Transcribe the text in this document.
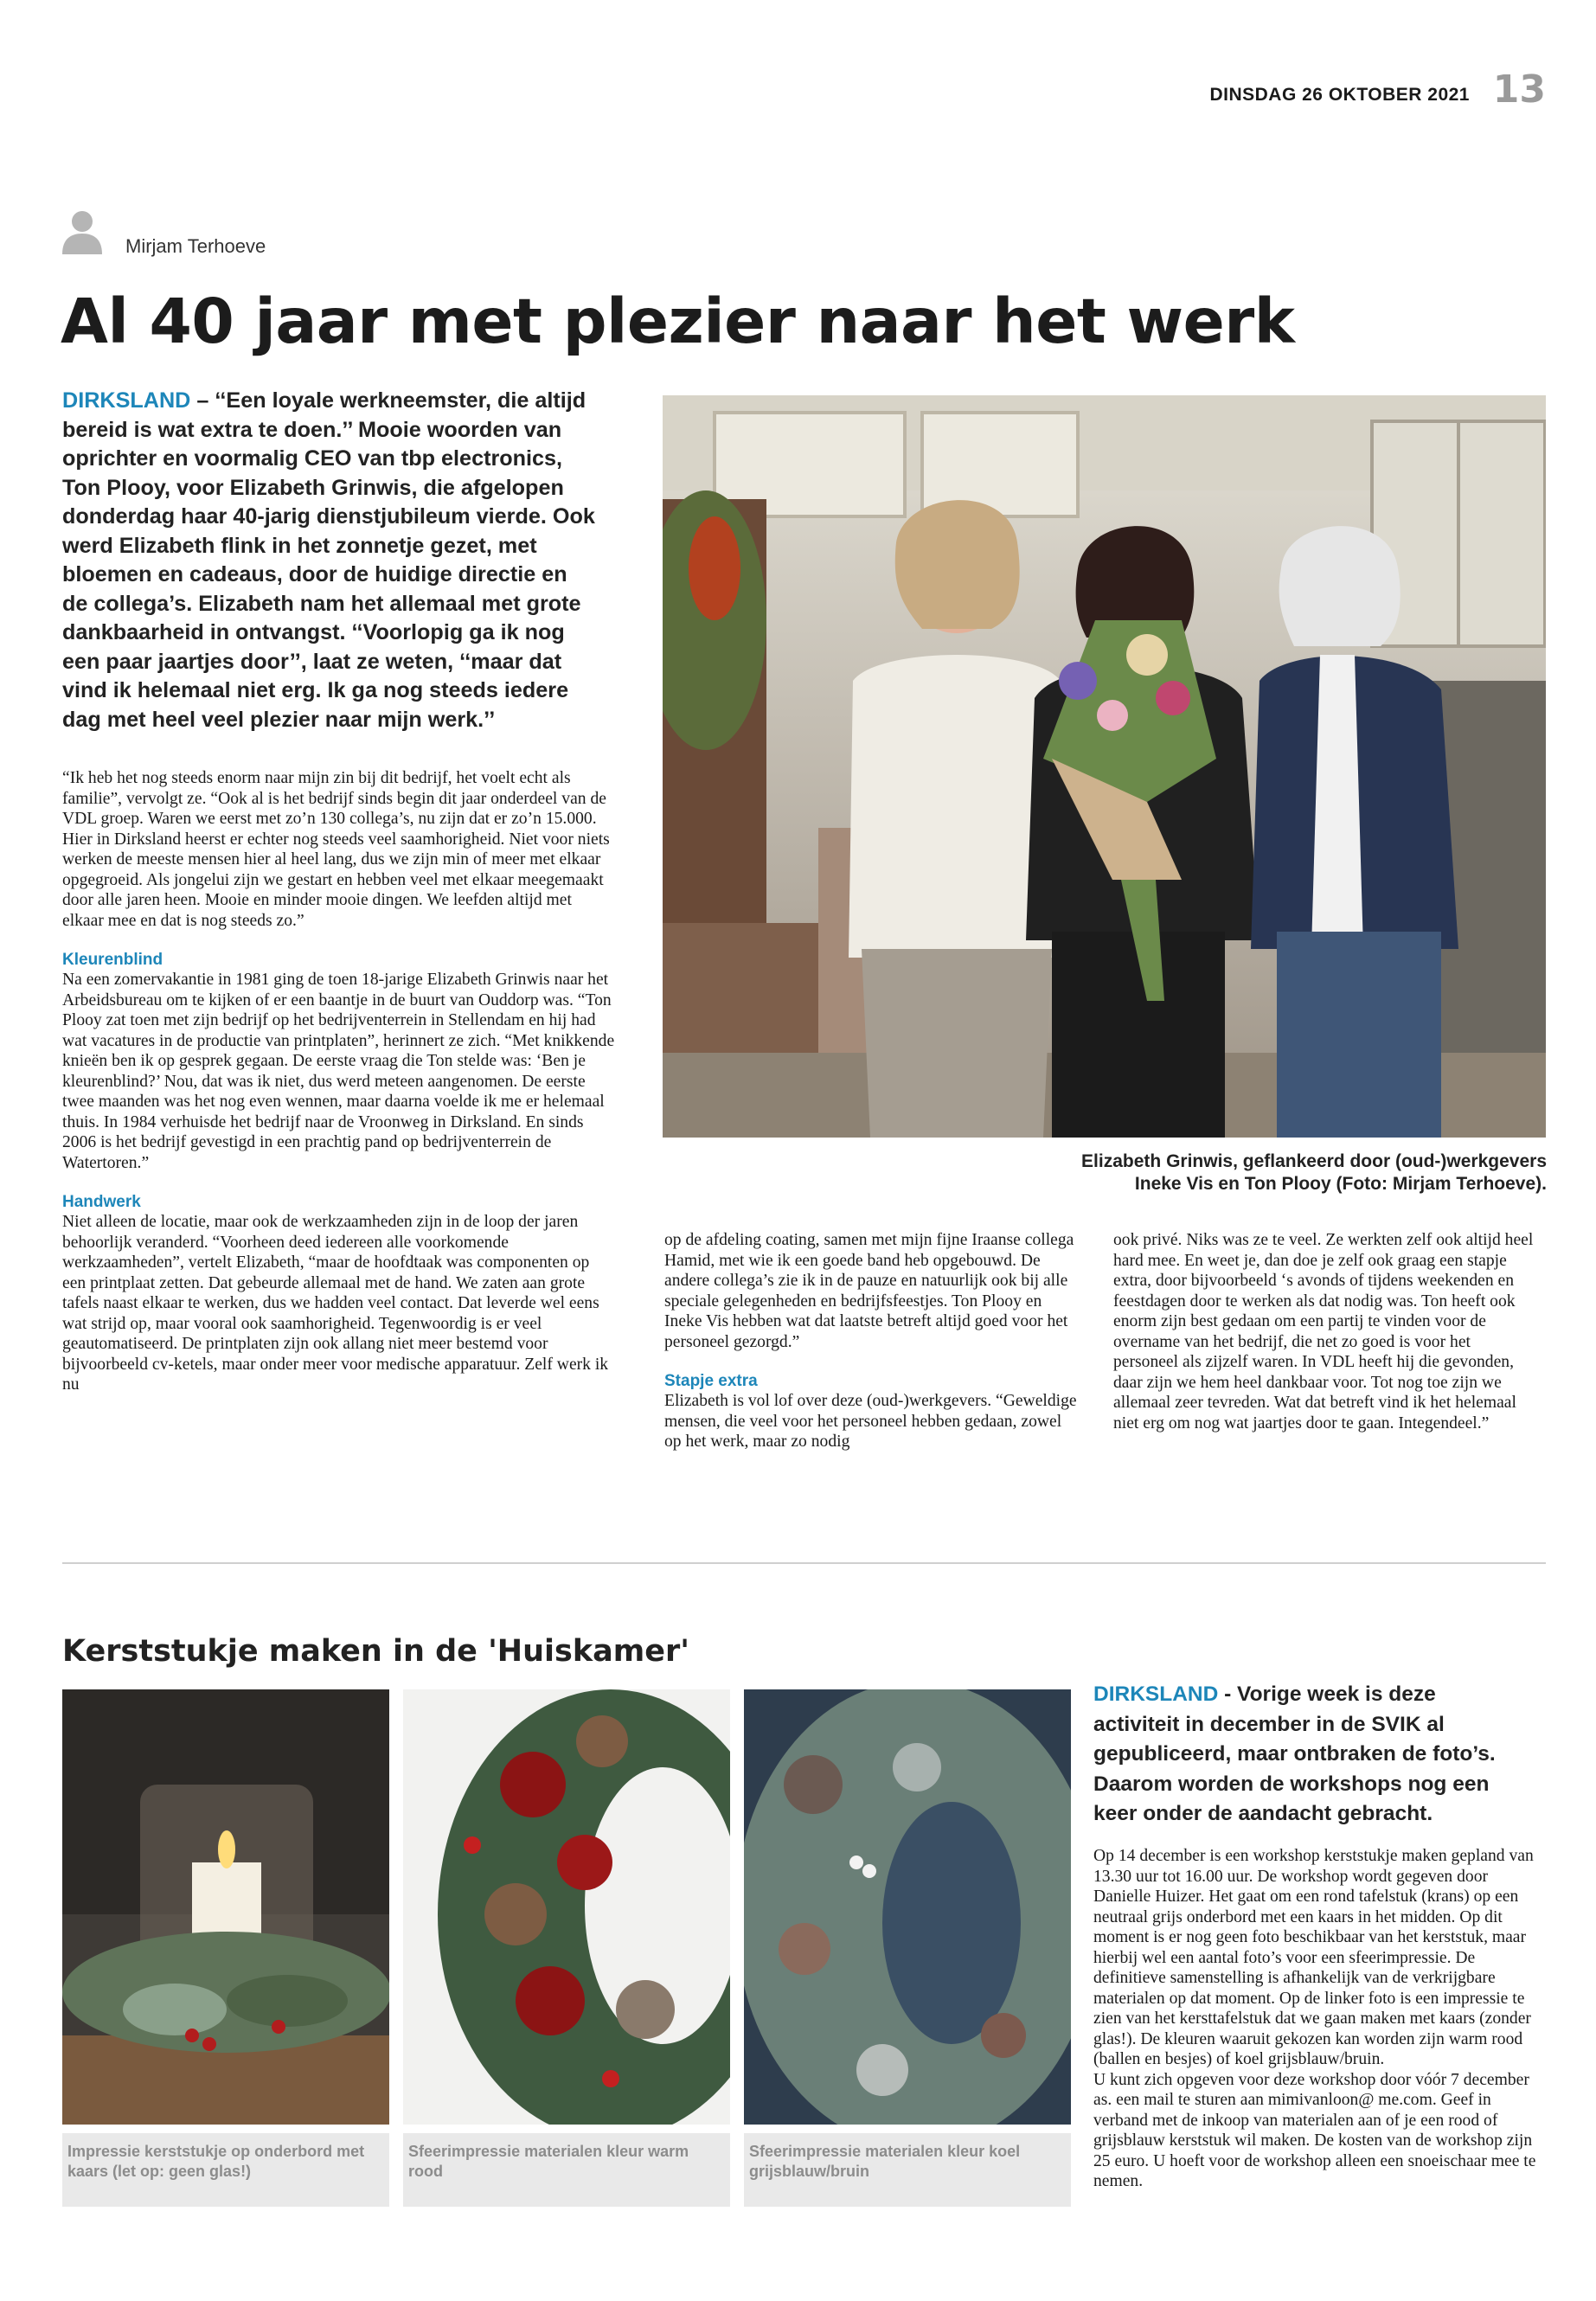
DINSDAG 26 OKTOBER 2021 13
Mirjam Terhoeve
Al 40 jaar met plezier naar het werk
DIRKSLAND – ‘‘Een loyale werkneemster, die altijd bereid is wat extra te doen.’’ Mooie woorden van oprichter en voormalig CEO van tbp electronics, Ton Plooy, voor Elizabeth Grinwis, die afgelopen donderdag haar 40-jarig dienstjubileum vierde. Ook werd Elizabeth flink in het zonnetje gezet, met bloemen en cadeaus, door de huidige directie en de collega’s. Elizabeth nam het allemaal met grote dankbaarheid in ontvangst. ‘‘Voorlopig ga ik nog een paar jaartjes door’’, laat ze weten, ‘‘maar dat vind ik helemaal niet erg. Ik ga nog steeds iedere dag met heel veel plezier naar mijn werk.’’
Elizabeth Grinwis, geflankeerd door (oud-)werkgevers
Ineke Vis en Ton Plooy (Foto: Mirjam Terhoeve).

“Ik heb het nog steeds enorm naar mijn zin bij dit bedrijf, het voelt echt als familie”, vervolgt ze. “Ook al is het bedrijf sinds begin dit jaar onderdeel van de VDL groep. Waren we eerst met zo’n 130 collega’s, nu zijn dat er zo’n 15.000. Hier in Dirksland heerst er echter nog steeds veel saamhorigheid. Niet voor niets werken de meeste mensen hier al heel lang, dus we zijn min of meer met elkaar opgegroeid. Als jongelui zijn we gestart en hebben veel met elkaar meegemaakt door alle jaren heen. Mooie en minder mooie dingen. We leefden altijd met elkaar mee en dat is nog steeds zo.”

Kleurenblind

Na een zomervakantie in 1981 ging de toen 18-jarige Elizabeth Grinwis naar het Arbeidsbureau om te kijken of er een baantje in de buurt van Ouddorp was. “Ton Plooy zat toen met zijn bedrijf op het bedrijventerrein in Stellendam en hij had wat vacatures in de productie van printplaten”, herinnert ze zich. “Met knikkende knieën ben ik op gesprek gegaan. De eerste vraag die Ton stelde was: ‘Ben je kleurenblind?’ Nou, dat was ik niet, dus werd meteen aangenomen. De eerste twee maanden was het nog even wennen, maar daarna voelde ik me er helemaal thuis. In 1984 verhuisde het bedrijf naar de Vroonweg in Dirksland. En sinds 2006 is het bedrijf gevestigd in een prachtig pand op bedrijventerrein de Watertoren.”

Handwerk

Niet alleen de locatie, maar ook de werkzaamheden zijn in de loop der jaren behoorlijk veranderd. “Voorheen deed iedereen alle voorkomende werkzaamheden”, vertelt Elizabeth, “maar de hoofdtaak was componenten op een printplaat zetten. Dat gebeurde allemaal met de hand. We zaten aan grote tafels naast elkaar te werken, dus we hadden veel contact. Dat leverde wel eens wat strijd op, maar vooral ook saamhorigheid. Tegenwoordig is er veel geautomatiseerd. De printplaten zijn ook allang niet meer bestemd voor bijvoorbeeld cv-ketels, maar onder meer voor medische apparatuur. Zelf werk ik nu

op de afdeling coating, samen met mijn fijne Iraanse collega Hamid, met wie ik een goede band heb opgebouwd. De andere collega’s zie ik in de pauze en natuurlijk ook bij alle speciale gelegenheden en bedrijfsfeestjes. Ton Plooy en Ineke Vis hebben wat dat laatste betreft altijd goed voor het personeel gezorgd.”

Stapje extra

Elizabeth is vol lof over deze (oud-)werkgevers. “Geweldige mensen, die veel voor het personeel hebben gedaan, zowel op het werk, maar zo nodig

ook privé. Niks was ze te veel. Ze werkten zelf ook altijd heel hard mee. En weet je, dan doe je zelf ook graag een stapje extra, door bijvoorbeeld ‘s avonds of tijdens weekenden en feestdagen door te werken als dat nodig was. Ton heeft ook enorm zijn best gedaan om een partij te vinden voor de overname van het bedrijf, die net zo goed is voor het personeel als zijzelf waren. In VDL heeft hij die gevonden, daar zijn we hem heel dankbaar voor. Tot nog toe zijn we allemaal zeer tevreden. Wat dat betreft vind ik het helemaal niet erg om nog wat jaartjes door te gaan. Integendeel.”

Kerststukje maken in de 'Huiskamer'
Impressie kerststukje op onderbord met kaars (let op: geen glas!)
Sfeerimpressie materialen kleur warm rood
Sfeerimpressie materialen kleur koel grijsblauw/bruin
DIRKSLAND - Vorige week is deze activiteit in december in de SVIK al gepubliceerd, maar ontbraken de foto’s. Daarom worden de workshops nog een keer onder de aandacht gebracht.

Op 14 december is een workshop kerststukje maken gepland van 13.30 uur tot 16.00 uur. De workshop wordt gegeven door Danielle Huizer. Het gaat om een rond tafelstuk (krans) op een neutraal grijs onderbord met een kaars in het midden. Op dit moment is er nog geen foto beschikbaar van het kerststuk, maar hierbij wel een aantal foto’s voor een sfeerimpressie. De definitieve samenstelling is afhankelijk van de verkrijgbare materialen op dat moment. Op de linker foto is een impressie te zien van het kersttafelstuk dat we gaan maken met kaars (zonder glas!). De kleuren waaruit gekozen kan worden zijn warm rood (ballen en besjes) of koel grijsblauw/bruin.

U kunt zich opgeven voor deze workshop door vóór 7 december as. een mail te sturen aan mimivanloon@ me.com. Geef in verband met de inkoop van materialen aan of je een rood of grijsblauw kerststuk wil maken. De kosten van de workshop zijn 25 euro. U hoeft voor de workshop alleen een snoeischaar mee te nemen.
